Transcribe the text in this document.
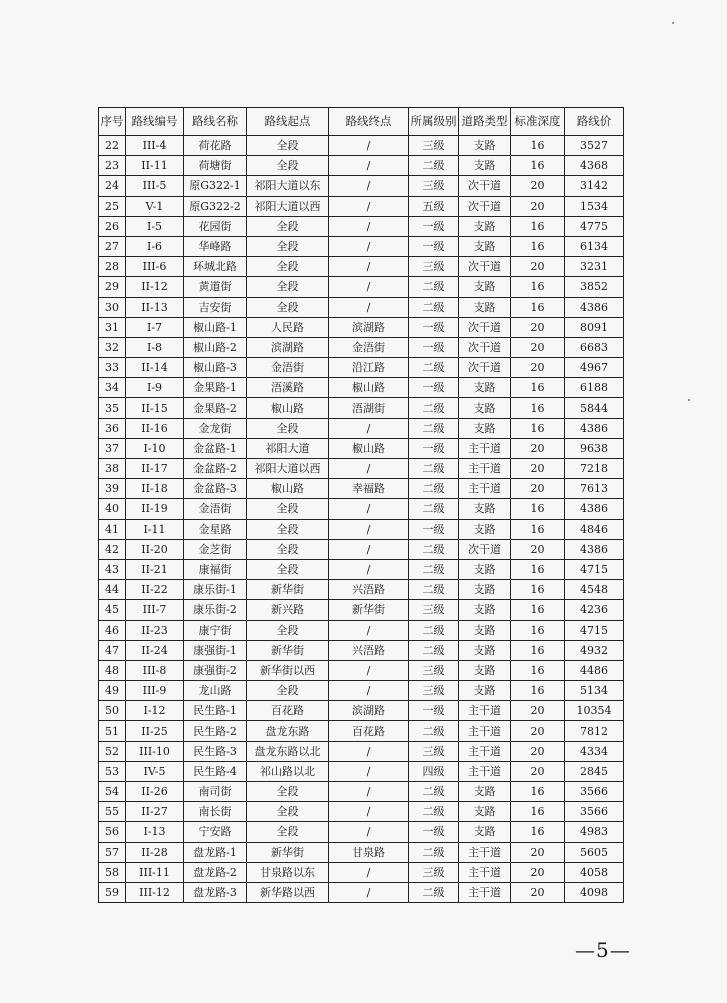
序号	路线编号	路线名称	路线起点	路线终点	所属级别	道路类型	标准深度	路线价
22	III-4	荷花路	全段	/	三级	支路	16	3527
23	II-11	荷塘街	全段	/	二级	支路	16	4368
24	III-5	原G322-1	祁阳大道以东	/	三级	次干道	20	3142
25	V-1	原G322-2	祁阳大道以西	/	五级	次干道	20	1534
26	I-5	花园街	全段	/	一级	支路	16	4775
27	I-6	华峰路	全段	/	一级	支路	16	6134
28	III-6	环城北路	全段	/	三级	次干道	20	3231
29	II-12	黄道街	全段	/	二级	支路	16	3852
30	II-13	吉安街	全段	/	二级	支路	16	4386
31	I-7	椒山路-1	人民路	滨湖路	一级	次干道	20	8091
32	I-8	椒山路-2	滨湖路	金浯街	一级	次干道	20	6683
33	II-14	椒山路-3	金浯街	沿江路	二级	次干道	20	4967
34	I-9	金果路-1	浯溪路	椒山路	一级	支路	16	6188
35	II-15	金果路-2	椒山路	浯湖街	二级	支路	16	5844
36	II-16	金龙街	全段	/	二级	支路	16	4386
37	I-10	金盆路-1	祁阳大道	椒山路	一级	主干道	20	9638
38	II-17	金盆路-2	祁阳大道以西	/	二级	主干道	20	7218
39	II-18	金盆路-3	椒山路	幸福路	二级	主干道	20	7613
40	II-19	金浯街	全段	/	二级	支路	16	4386
41	I-11	金星路	全段	/	一级	支路	16	4846
42	II-20	金芝街	全段	/	二级	次干道	20	4386
43	II-21	康福街	全段	/	二级	支路	16	4715
44	II-22	康乐街-1	新华街	兴浯路	二级	支路	16	4548
45	III-7	康乐街-2	新兴路	新华街	三级	支路	16	4236
46	II-23	康宁街	全段	/	二级	支路	16	4715
47	II-24	康强街-1	新华街	兴浯路	二级	支路	16	4932
48	III-8	康强街-2	新华街以西	/	三级	支路	16	4486
49	III-9	龙山路	全段	/	三级	支路	16	5134
50	I-12	民生路-1	百花路	滨湖路	一级	主干道	20	10354
51	II-25	民生路-2	盘龙东路	百花路	二级	主干道	20	7812
52	III-10	民生路-3	盘龙东路以北	/	三级	主干道	20	4334
53	IV-5	民生路-4	祁山路以北	/	四级	主干道	20	2845
54	II-26	南司街	全段	/	二级	支路	16	3566
55	II-27	南长街	全段	/	二级	支路	16	3566
56	I-13	宁安路	全段	/	一级	支路	16	4983
57	II-28	盘龙路-1	新华街	甘泉路	二级	主干道	20	5605
58	III-11	盘龙路-2	甘泉路以东	/	三级	主干道	20	4058
59	III-12	盘龙路-3	新华路以西	/	二级	主干道	20	4098
—5—
